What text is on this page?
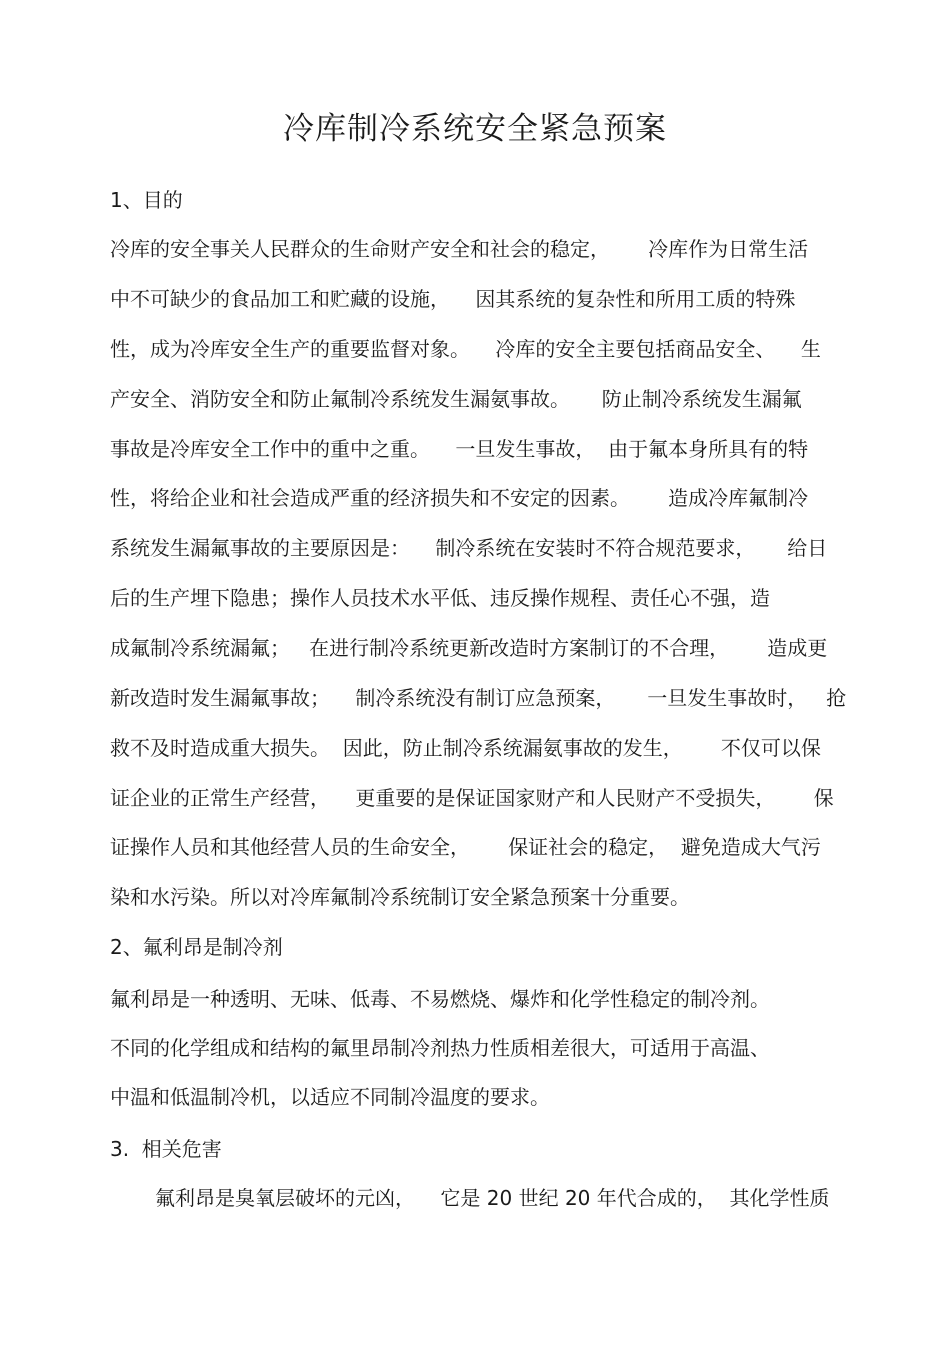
冷库制冷系统安全紧急预案
1、目的
冷库的安全事关人民群众的生命财产安全和社会的稳定，      冷库作为日常生活
中不可缺少的食品加工和贮藏的设施，    因其系统的复杂性和所用工质的特殊
性，成为冷库安全生产的重要监督对象。    冷库的安全主要包括商品安全、    生
产安全、消防安全和防止氟制冷系统发生漏氨事故。     防止制冷系统发生漏氟
事故是冷库安全工作中的重中之重。    一旦发生事故，  由于氟本身所具有的特
性，将给企业和社会造成严重的经济损失和不安定的因素。      造成冷库氟制冷
系统发生漏氟事故的主要原因是：    制冷系统在安装时不符合规范要求，     给日
后的生产埋下隐患；操作人员技术水平低、违反操作规程、责任心不强，造
成氟制冷系统漏氟；   在进行制冷系统更新改造时方案制订的不合理，      造成更
新改造时发生漏氟事故；    制冷系统没有制订应急预案，     一旦发生事故时，   抢
救不及时造成重大损失。  因此，防止制冷系统漏氨事故的发生，      不仅可以保
证企业的正常生产经营，    更重要的是保证国家财产和人民财产不受损失，      保
证操作人员和其他经营人员的生命安全，      保证社会的稳定，  避免造成大气污
染和水污染。所以对冷库氟制冷系统制订安全紧急预案十分重要。
2、氟利昂是制冷剂
氟利昂是一种透明、无味、低毒、不易燃烧、爆炸和化学性稳定的制冷剂。
不同的化学组成和结构的氟里昂制冷剂热力性质相差很大，可适用于高温、
中温和低温制冷机，以适应不同制冷温度的要求。
3.  相关危害
氟利昂是臭氧层破坏的元凶，    它是 20 世纪 20 年代合成的，  其化学性质
